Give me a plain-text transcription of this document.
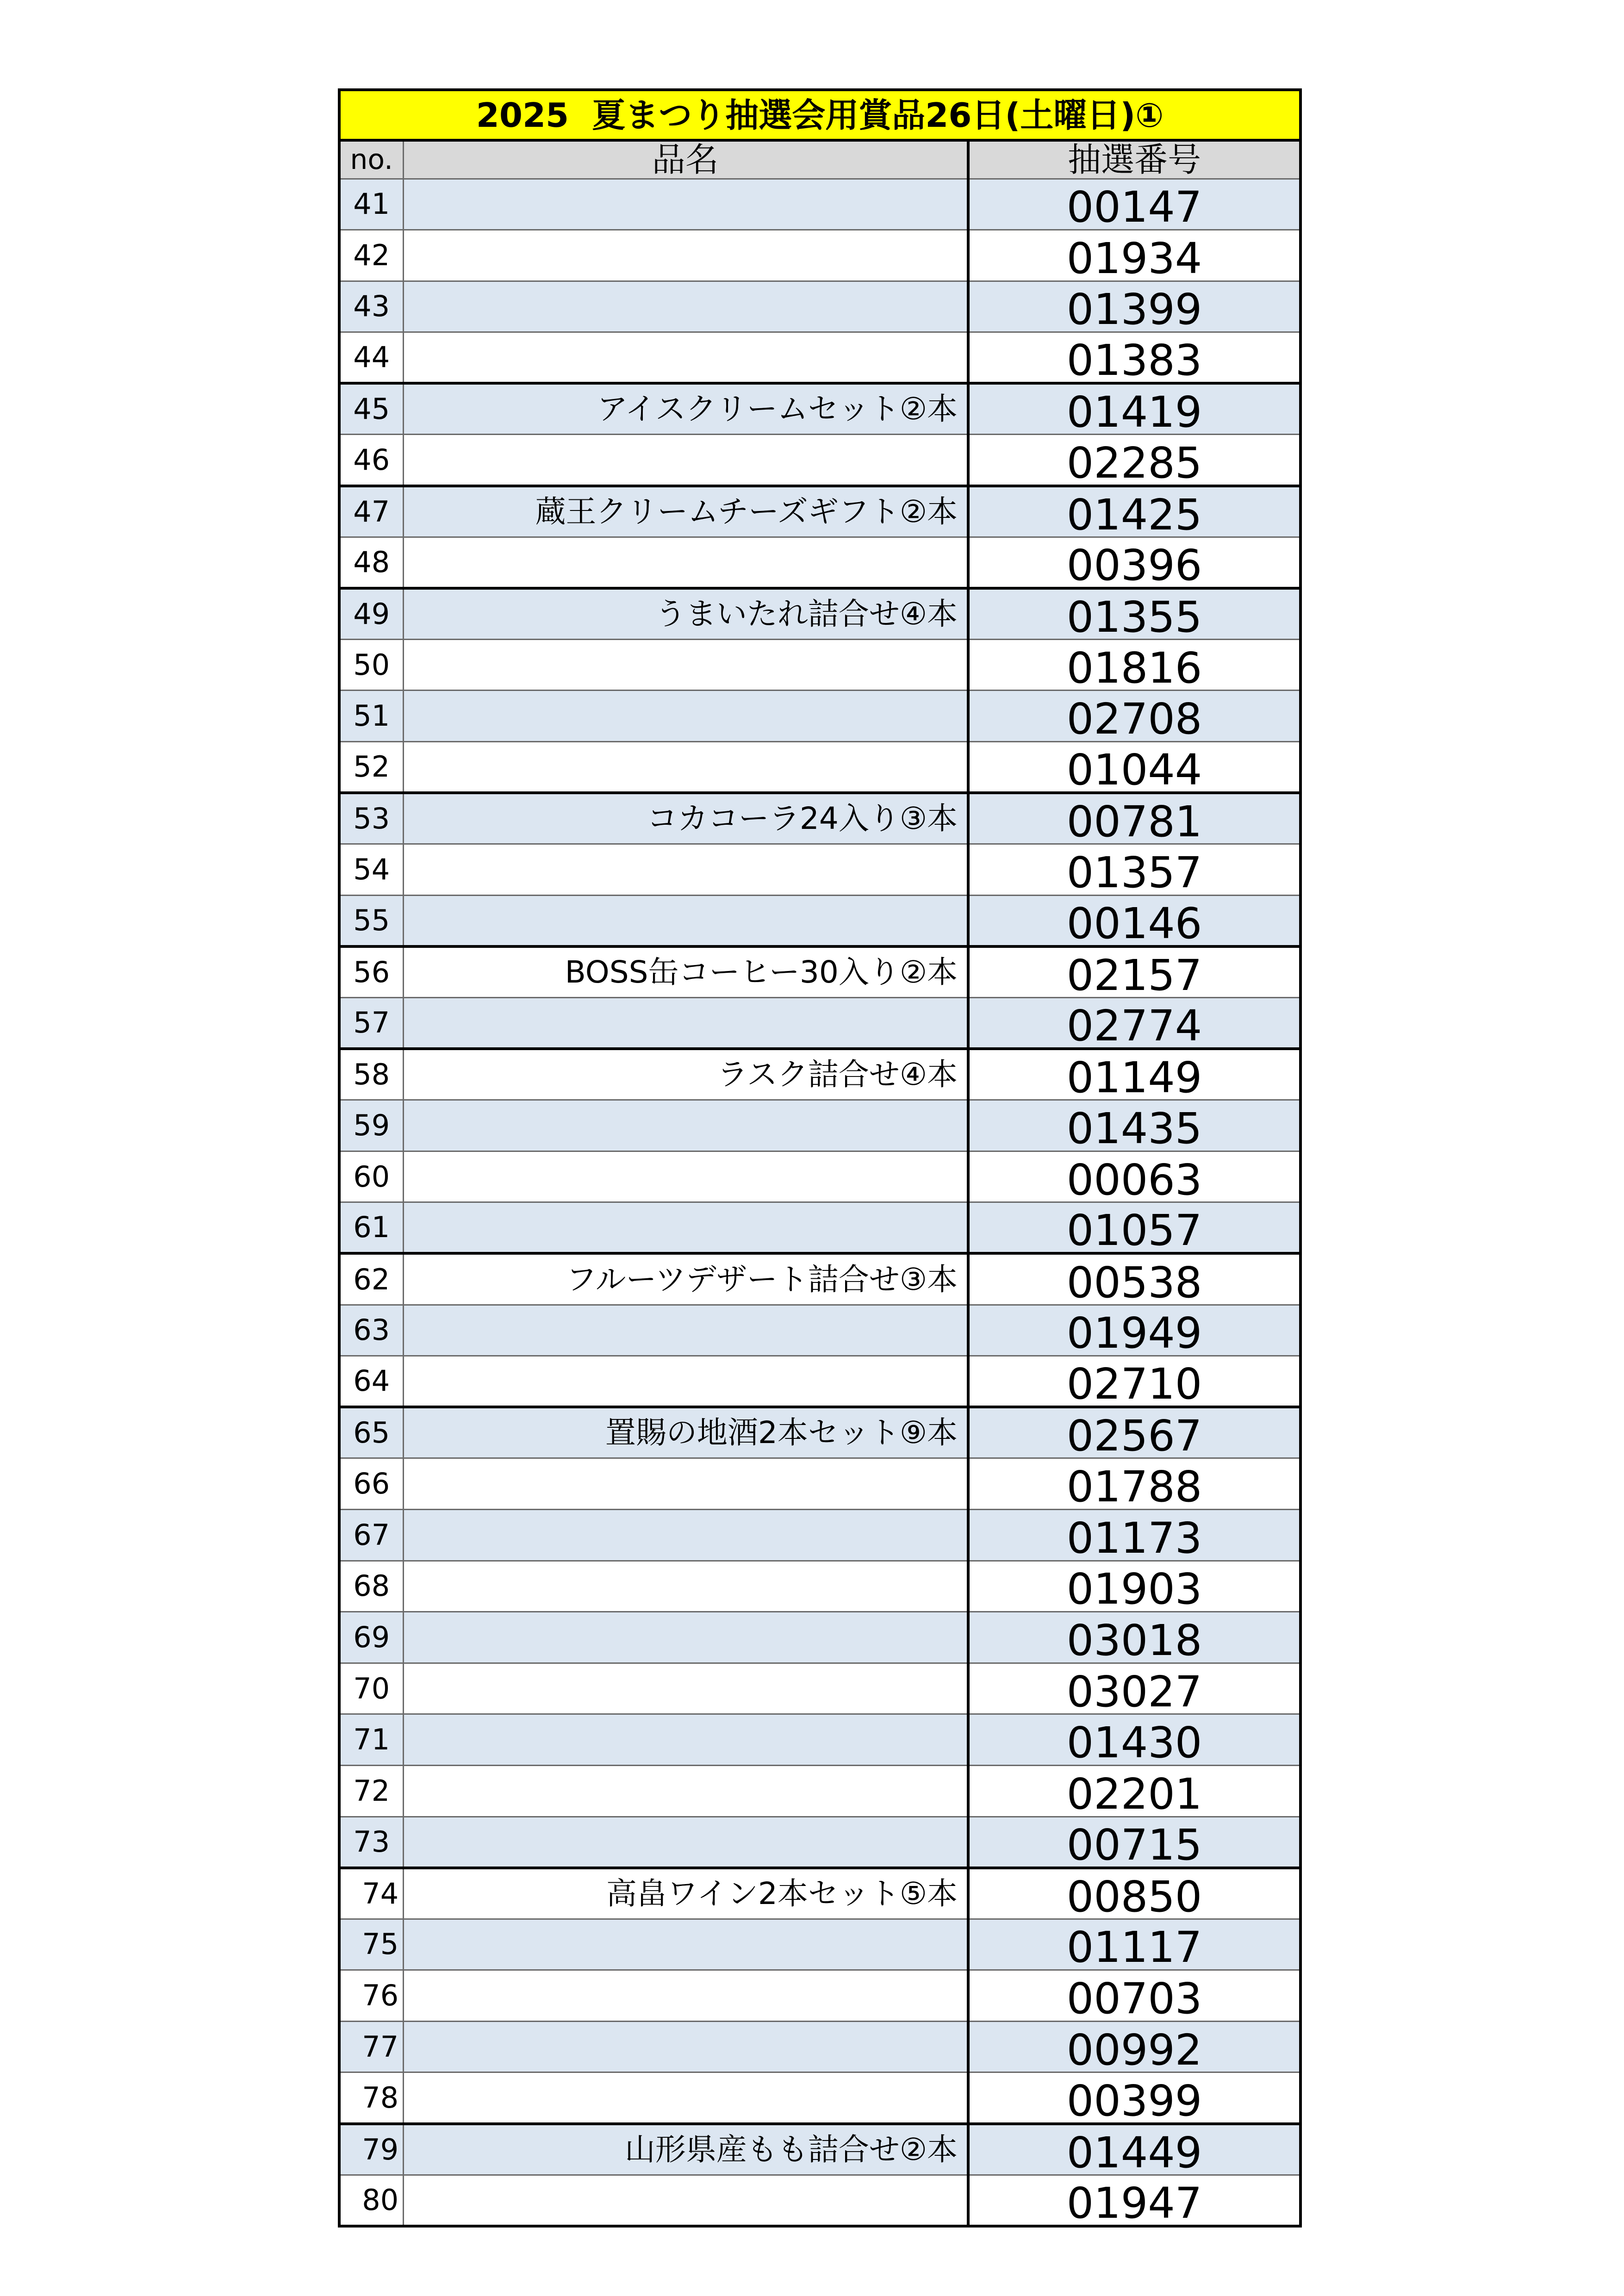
2025  夏まつり抽選会用賞品26日(土曜日)①		
no.	品名	抽選番号
41		00147
42		01934
43		01399
44		01383
45	アイスクリームセット②本	01419
46		02285
47	蔵王クリームチーズギフト②本	01425
48		00396
49	うまいたれ詰合せ④本	01355
50		01816
51		02708
52		01044
53	コカコーラ24入り③本	00781
54		01357
55		00146
56	BOSS缶コーヒー30入り②本	02157
57		02774
58	ラスク詰合せ④本	01149
59		01435
60		00063
61		01057
62	フルーツデザート詰合せ③本	00538
63		01949
64		02710
65	置賜の地酒2本セット⑨本	02567
66		01788
67		01173
68		01903
69		03018
70		03027
71		01430
72		02201
73		00715
74	高畠ワイン2本セット⑤本	00850
75		01117
76		00703
77		00992
78		00399
79	山形県産もも詰合せ②本	01449
80		01947
